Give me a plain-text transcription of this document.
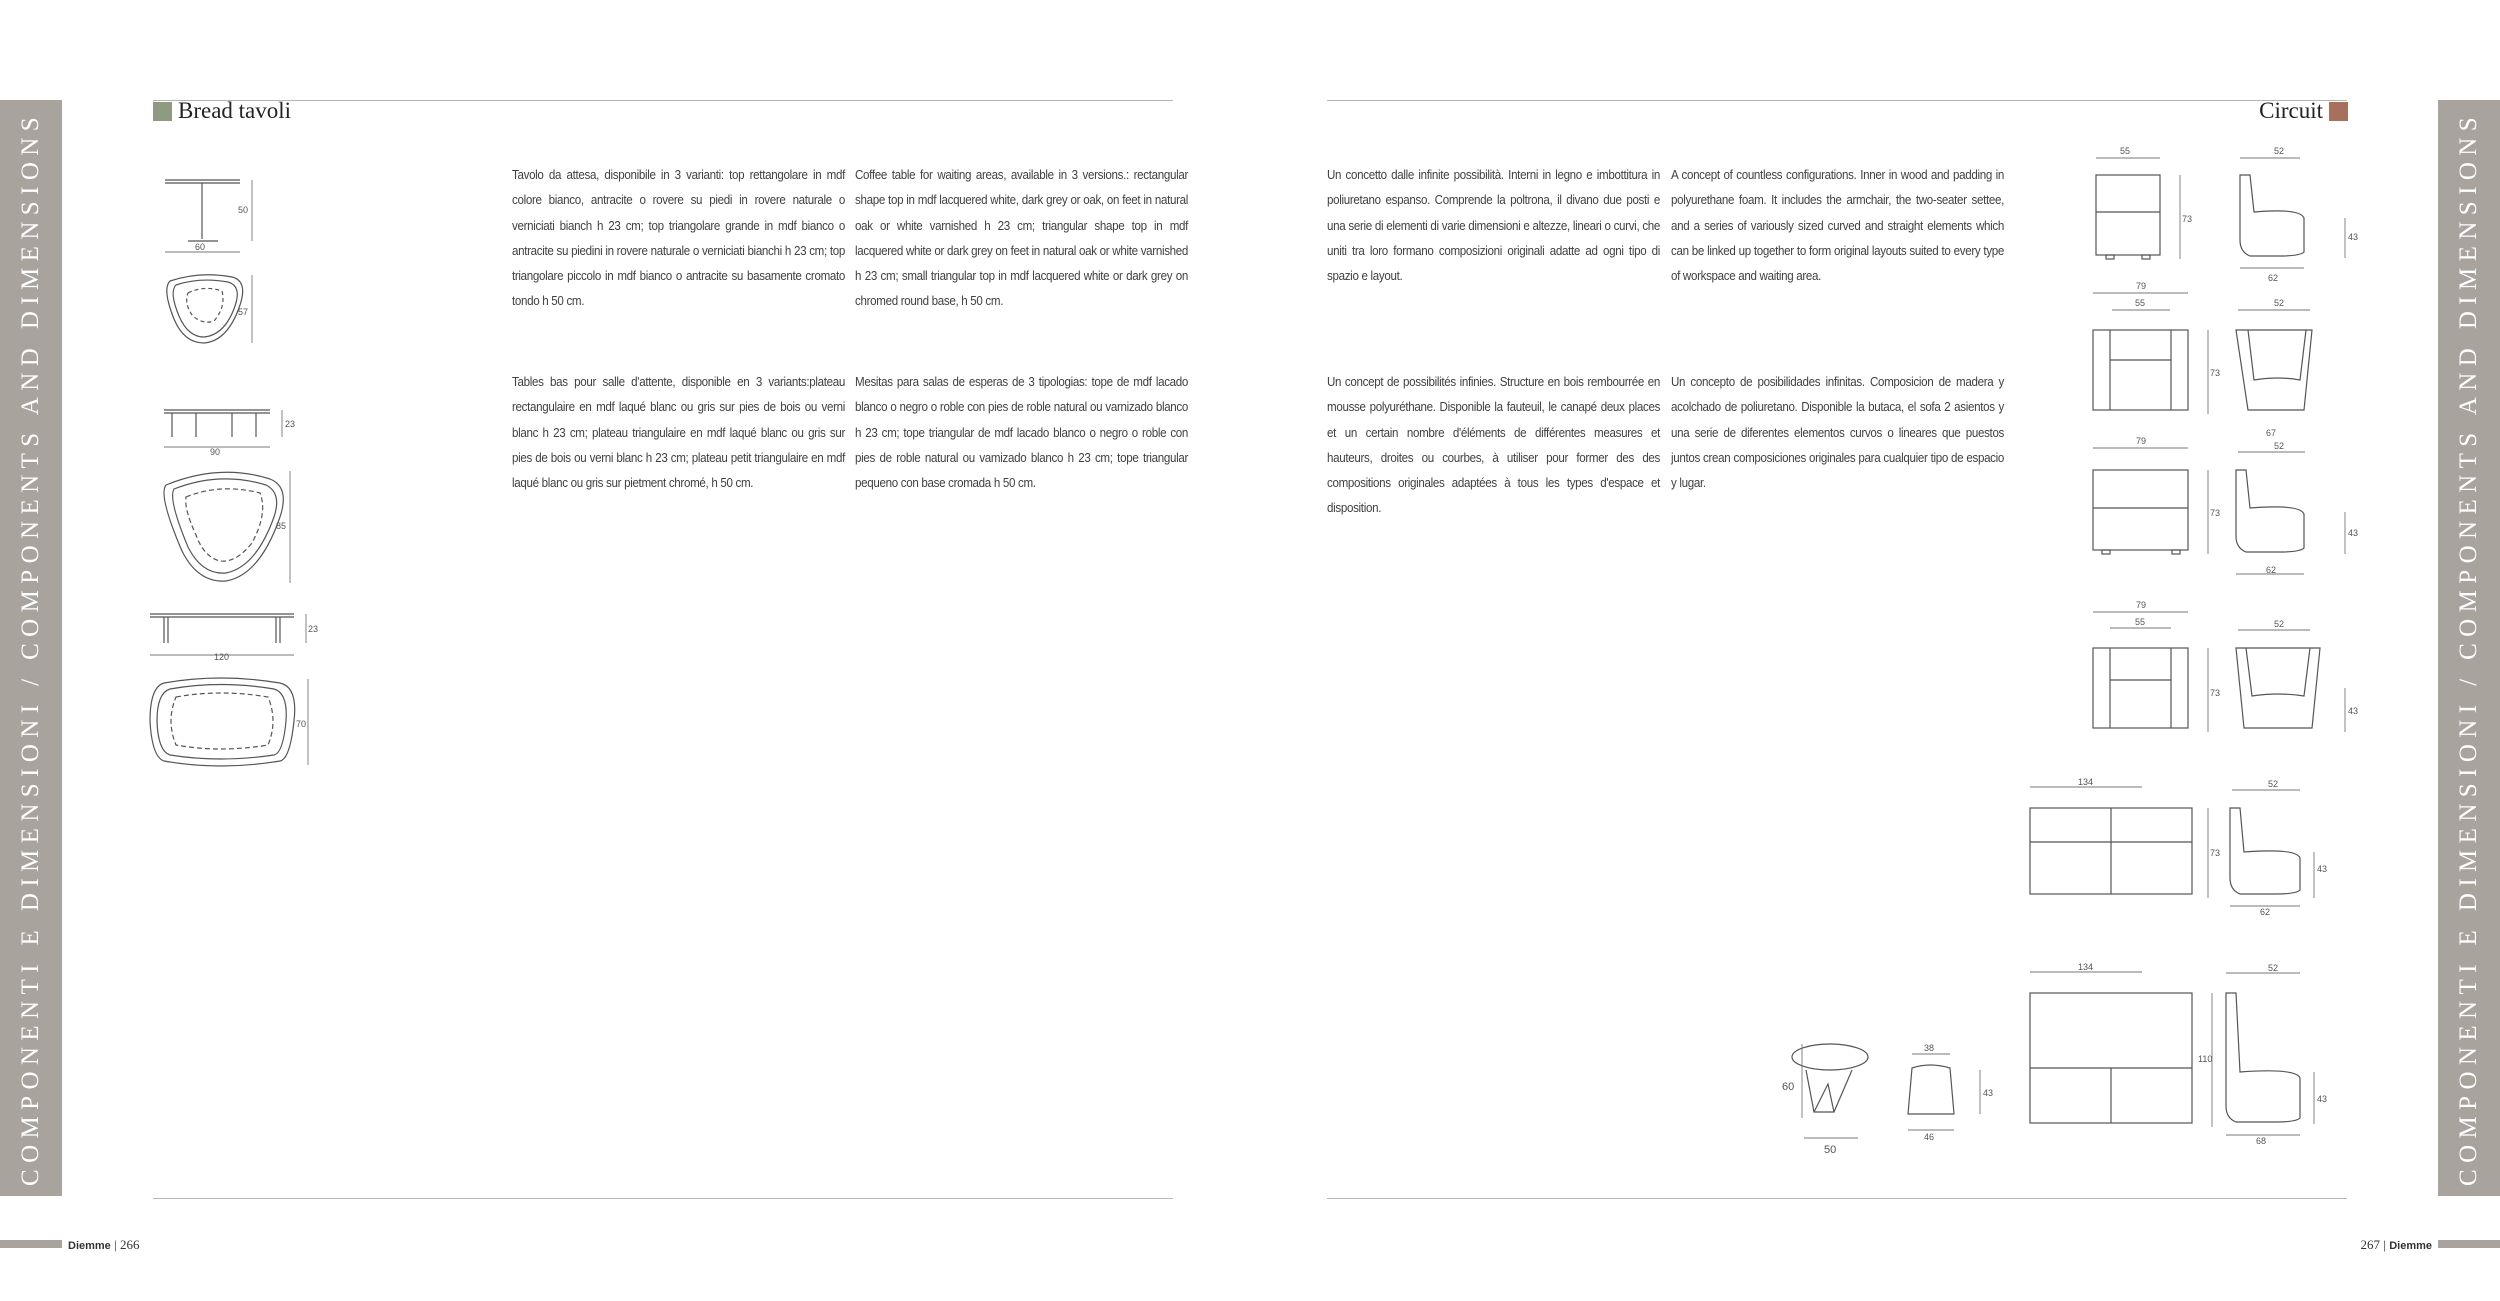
COMPONENTI E DIMENSIONI / COMPONENTS AND DIMENSIONS	COMPONENTI E DIMENSIONI / COMPONENTS AND DIMENSIONS
Bread tavoli	Circuit
Tavolo da attesa, disponibile in 3 varianti: top rettangolare in mdf colore bianco, antracite o rovere su piedi in rovere naturale o verniciati bianch h 23 cm; top triangolare grande in mdf bianco o antracite su piedini in rovere naturale o verniciati bianchi h 23 cm; top triangolare piccolo in mdf bianco o antracite su basamente cromato tondo h 50 cm.
Coffee table for waiting areas, available in 3 versions.: rectangular shape top in mdf lacquered white, dark grey or oak, on feet in natural oak or white varnished h 23 cm; triangular shape top in mdf lacquered white or dark grey on feet in natural oak or white varnished h 23 cm; small triangular top in mdf lacquered white or dark grey on chromed round base, h 50 cm.
Tables bas pour salle d'attente, disponible en 3 variants:plateau rectangulaire en mdf laqué blanc ou gris sur pies de bois ou verni blanc h 23 cm; plateau triangulaire en mdf laqué blanc ou gris sur pies de bois ou verni blanc h 23 cm; plateau petit triangulaire en mdf laqué blanc ou gris sur pietment chromé, h 50 cm.
Mesitas para salas de esperas de 3 tipologias: tope de mdf lacado blanco o negro o roble con pies de roble natural ou varnizado blanco h 23 cm; tope triangular de mdf lacado blanco o negro o roble con pies de roble natural ou vamizado blanco h 23 cm; tope triangular pequeno con base cromada h 50 cm.
Un concetto dalle infinite possibilità. Interni in legno e imbottitura in poliuretano espanso. Comprende la poltrona, il divano due posti e una serie di elementi di varie dimensioni e altezze, lineari o curvi, che uniti tra loro formano composizioni originali adatte ad ogni tipo di spazio e layout.
A concept of countless configurations. Inner in wood and padding in polyurethane foam. It includes the armchair, the two-seater settee, and a series of variously sized curved and straight elements which can be linked up together to form original layouts suited to every type of workspace and waiting area.
Un concept de possibilités infinies. Structure en bois rembourrée en mousse polyuréthane. Disponible la fauteuil, le canapé deux places et un certain nombre d'éléments de différentes measures et hauteurs, droites ou courbes, à utiliser pour former des des compositions originales adaptées à tous les types d'espace et disposition.
Un concepto de posibilidades infinitas. Composicion de madera y acolchado de poliuretano. Disponible la butaca, el sofa 2 asientos y una serie de diferentes elementos curvos o lineares que puestos juntos crean composiciones originales para cualquier tipo de espacio y lugar.
50
60
57
23
90
85
23
120
70
55
73
52
43
62
79
55
73
52
67
79
73
52
43
62
79
55
73
52
43
134
73
52
43
62
134
110
52
43
68
60
50
38
43
46
Diemme | 266	267 | Diemme
